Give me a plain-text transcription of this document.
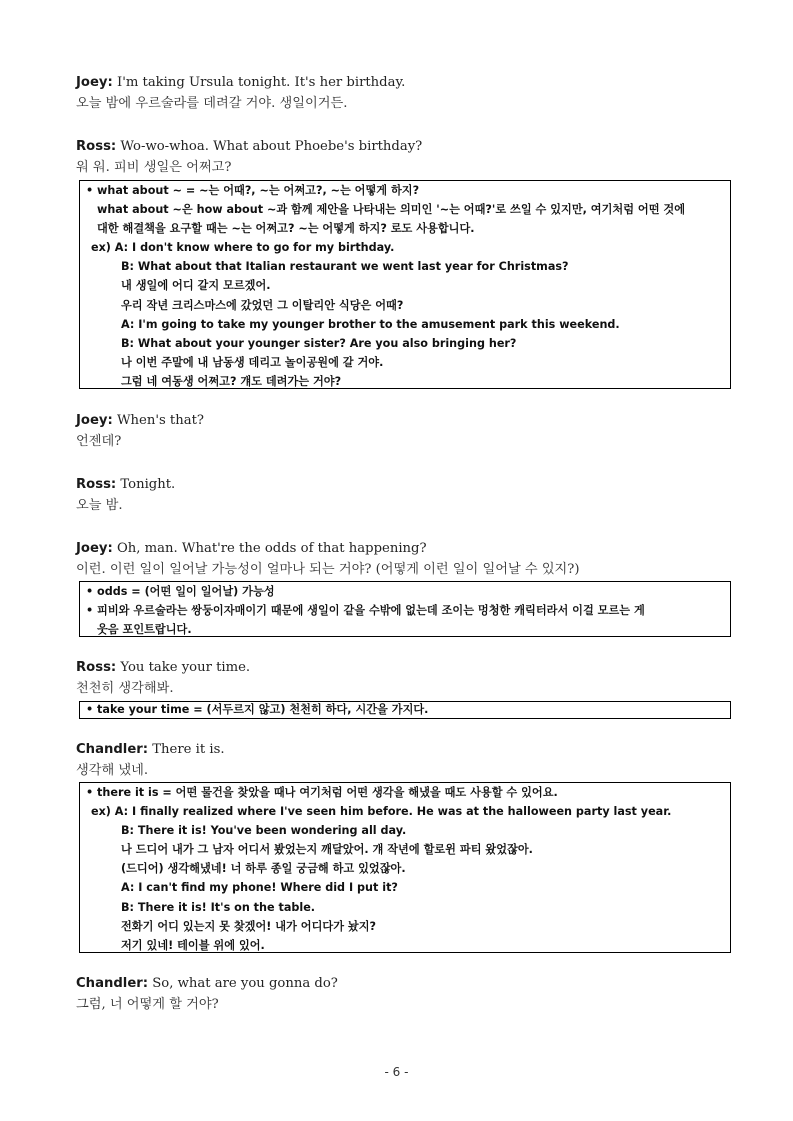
Joey: I'm taking Ursula tonight. It's her birthday.
오늘 밤에 우르술라를 데려갈 거야. 생일이거든.
Ross: Wo-wo-whoa. What about Phoebe's birthday?
워 워. 피비 생일은 어쩌고?
• what about ~ = ~는 어때?, ~는 어쩌고?, ~는 어떻게 하지?
what about ~은 how about ~과 함께 제안을 나타내는 의미인 '~는 어때?'로 쓰일 수 있지만, 여기처럼 어떤 것에
대한 해결책을 요구할 때는 ~는 어쩌고? ~는 어떻게 하지? 로도 사용합니다.
ex) A: I don't know where to go for my birthday.
B: What about that Italian restaurant we went last year for Christmas?
내 생일에 어디 갈지 모르겠어.
우리 작년 크리스마스에 갔었던 그 이탈리안 식당은 어때?
A: I'm going to take my younger brother to the amusement park this weekend.
B: What about your younger sister? Are you also bringing her?
나 이번 주말에 내 남동생 데리고 놀이공원에 갈 거야.
그럼 네 여동생 어쩌고? 걔도 데려가는 거야?
Joey: When's that?
언젠데?
Ross: Tonight.
오늘 밤.
Joey: Oh, man. What're the odds of that happening?
이런. 이런 일이 일어날 가능성이 얼마나 되는 거야? (어떻게 이런 일이 일어날 수 있지?)
• odds = (어떤 일이 일어날) 가능성
• 피비와 우르술라는 쌍둥이자매이기 때문에 생일이 같을 수밖에 없는데 조이는 멍청한 캐릭터라서 이걸 모르는 게
웃음 포인트랍니다.
Ross: You take your time.
천천히 생각해봐.
• take your time = (서두르지 않고) 천천히 하다, 시간을 가지다.
Chandler: There it is.
생각해 냈네.
• there it is = 어떤 물건을 찾았을 때나 여기처럼 어떤 생각을 해냈을 때도 사용할 수 있어요.
ex) A: I finally realized where I've seen him before. He was at the halloween party last year.
B: There it is! You've been wondering all day.
나 드디어 내가 그 남자 어디서 봤었는지 깨달았어. 걔 작년에 할로윈 파티 왔었잖아.
(드디어) 생각해냈네! 너 하루 종일 궁금해 하고 있었잖아.
A: I can't find my phone! Where did I put it?
B: There it is! It's on the table.
전화기 어디 있는지 못 찾겠어! 내가 어디다가 놨지?
저기 있네! 테이블 위에 있어.
Chandler: So, what are you gonna do?
그럼, 너 어떻게 할 거야?
- 6 -
